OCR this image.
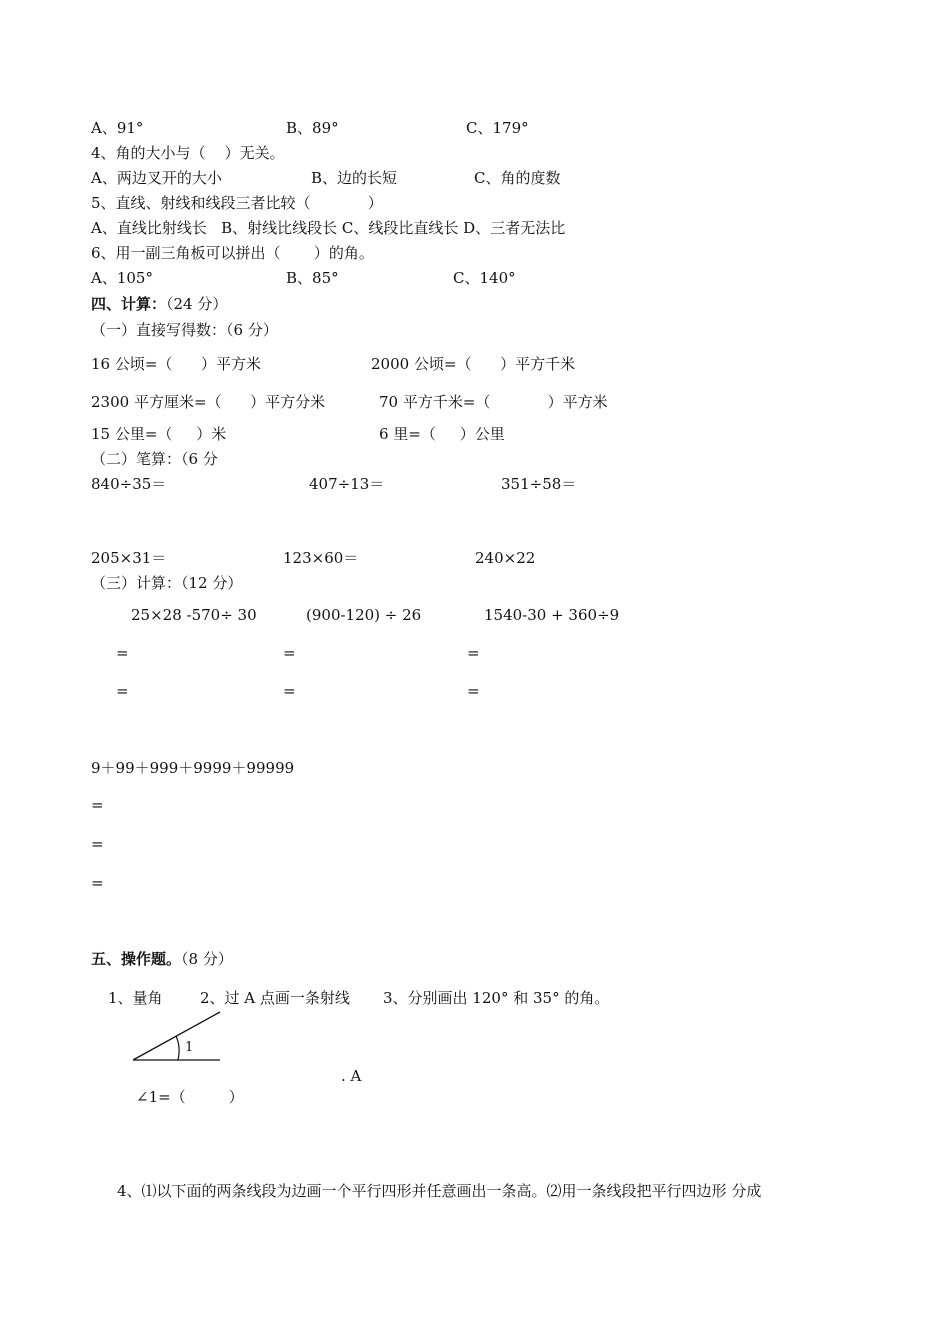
A、91°	B、89°	C、179°
4、角的大小与（    ）无关。
A、两边叉开的大小	B、边的长短	C、角的度数
5、直线、射线和线段三者比较（            ）
A、直线比射线长   B、射线比线段长 C、线段比直线长 D、三者无法比
6、用一副三角板可以拼出（       ）的角。
A、105°	B、85°	C、140°
四、计算：（24 分）
（一）直接写得数：（6 分）
16 公顷=（      ）平方米	2000 公顷=（      ）平方千米
2300 平方厘米=（      ）平方分米	70 平方千米=（            ）平方米
15 公里=（     ）米	6 里=（     ）公里
（二）笔算：（6 分
840÷35＝	407÷13＝	351÷58＝
205×31＝	123×60＝	240×22
（三）计算：（12 分）
25×28 -570÷ 30	(900-120) ÷ 26	1540-30 + 360÷9
=	=	=
=	=	=
9＋99＋999＋9999＋99999
=
=
=
五、操作题。（8 分）
1、量角 2、过 A 点画一条射线 3、分别画出 120° 和 35° 的角。
1
. A
∠1=（         ）
4、⑴以下面的两条线段为边画一个平行四形并任意画出一条高。⑵用一条线段把平行四边形 分成
